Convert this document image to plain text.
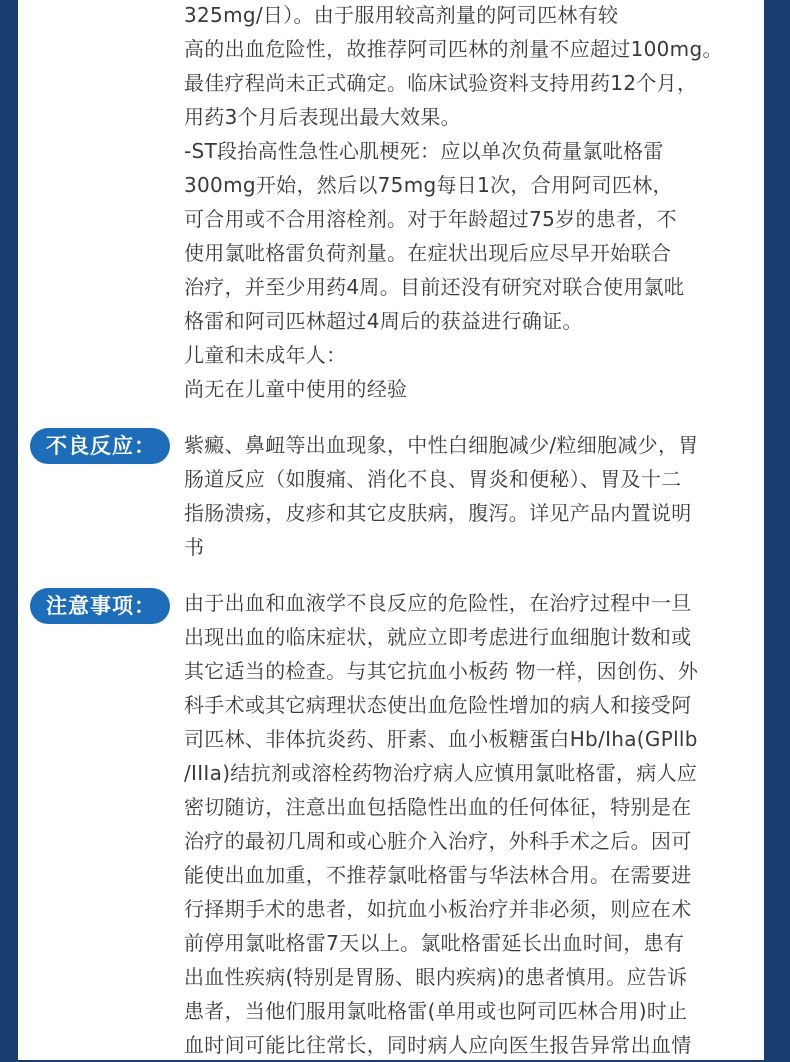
325mg/日）。由于服用较高剂量的阿司匹林有较
高的出血危险性，故推荐阿司匹林的剂量不应超过100mg。
最佳疗程尚未正式确定。临床试验资料支持用药12个月，
用药3个月后表现出最大效果。
-ST段抬高性急性心肌梗死：应以单次负荷量氯吡格雷
300mg开始，然后以75mg每日1次，合用阿司匹林，
可合用或不合用溶栓剂。对于年龄超过75岁的患者，不
使用氯吡格雷负荷剂量。在症状出现后应尽早开始联合
治疗，并至少用药4周。目前还没有研究对联合使用氯吡
格雷和阿司匹林超过4周后的获益进行确证。
儿童和未成年人：
尚无在儿童中使用的经验
不良反应：	紫癜、鼻衄等出血现象，中性白细胞减少/粒细胞减少，胃
肠道反应（如腹痛、消化不良、胃炎和便秘）、胃及十二
指肠溃疡，皮疹和其它皮肤病，腹泻。详见产品内置说明
书
注意事项：	由于出血和血液学不良反应的危险性，在治疗过程中一旦
出现出血的临床症状，就应立即考虑进行血细胞计数和或
其它适当的检查。与其它抗血小板药 物一样，因创伤、外
科手术或其它病理状态使出血危险性增加的病人和接受阿
司匹林、非体抗炎药、肝素、血小板糖蛋白Hb/Iha(GPllb
/IIIa)结抗剂或溶栓药物治疗病人应慎用氯吡格雷，病人应
密切随访，注意出血包括隐性出血的任何体征，特别是在
治疗的最初几周和或心脏介入治疗，外科手术之后。因可
能使出血加重，不推荐氯吡格雷与华法林合用。在需要进
行择期手术的患者，如抗血小板治疗并非必须，则应在术
前停用氯吡格雷7天以上。氯吡格雷延长出血时间，患有
出血性疾病(特别是胃肠、眼内疾病)的患者慎用。应告诉
患者，当他们服用氯吡格雷(单用或也阿司匹林合用)时止
血时间可能比往常长，同时病人应向医生报告异常出血情
